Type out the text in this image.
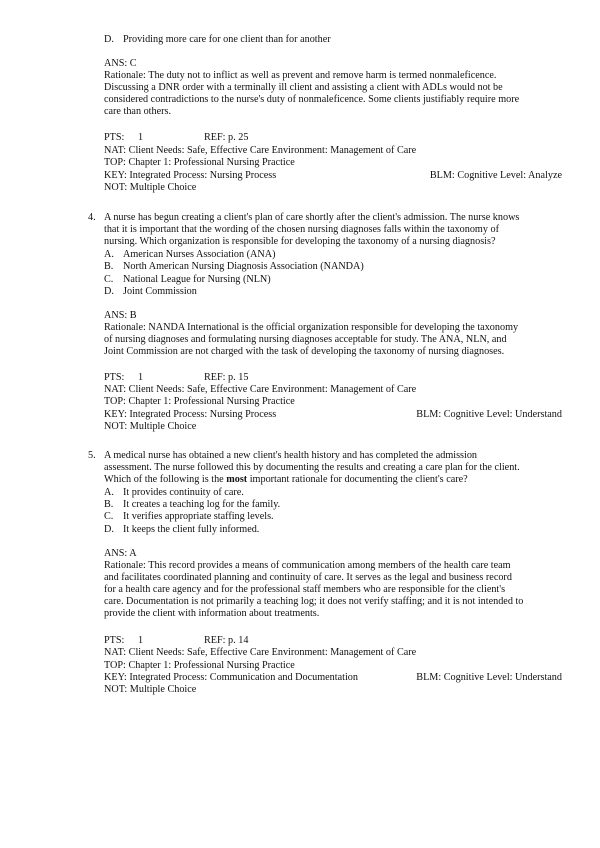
D. Providing more care for one client than for another
ANS: C
Rationale: The duty not to inflict as well as prevent and remove harm is termed nonmaleficence.
Discussing a DNR order with a terminally ill client and assisting a client with ADLs would not be
considered contradictions to the nurse's duty of nonmaleficence. Some clients justifiably require more
care than others.
PTS: 1	REF: p. 25
NAT: Client Needs: Safe, Effective Care Environment: Management of Care
TOP: Chapter 1: Professional Nursing Practice
KEY: Integrated Process: Nursing Process	BLM: Cognitive Level: Analyze
NOT: Multiple Choice
4. A nurse has begun creating a client's plan of care shortly after the client's admission. The nurse knows
that it is important that the wording of the chosen nursing diagnoses falls within the taxonomy of
nursing. Which organization is responsible for developing the taxonomy of a nursing diagnosis?
A. American Nurses Association (ANA)
B. North American Nursing Diagnosis Association (NANDA)
C. National League for Nursing (NLN)
D. Joint Commission
ANS: B
Rationale: NANDA International is the official organization responsible for developing the taxonomy
of nursing diagnoses and formulating nursing diagnoses acceptable for study. The ANA, NLN, and
Joint Commission are not charged with the task of developing the taxonomy of nursing diagnoses.
PTS: 1	REF: p. 15
NAT: Client Needs: Safe, Effective Care Environment: Management of Care
TOP: Chapter 1: Professional Nursing Practice
KEY: Integrated Process: Nursing Process	BLM: Cognitive Level: Understand
NOT: Multiple Choice
5. A medical nurse has obtained a new client's health history and has completed the admission
assessment. The nurse followed this by documenting the results and creating a care plan for the client.
Which of the following is the most important rationale for documenting the client's care?
A. It provides continuity of care.
B. It creates a teaching log for the family.
C. It verifies appropriate staffing levels.
D. It keeps the client fully informed.
ANS: A
Rationale: This record provides a means of communication among members of the health care team
and facilitates coordinated planning and continuity of care. It serves as the legal and business record
for a health care agency and for the professional staff members who are responsible for the client's
care. Documentation is not primarily a teaching log; it does not verify staffing; and it is not intended to
provide the client with information about treatments.
PTS: 1	REF: p. 14
NAT: Client Needs: Safe, Effective Care Environment: Management of Care
TOP: Chapter 1: Professional Nursing Practice
KEY: Integrated Process: Communication and Documentation	BLM: Cognitive Level: Understand
NOT: Multiple Choice
